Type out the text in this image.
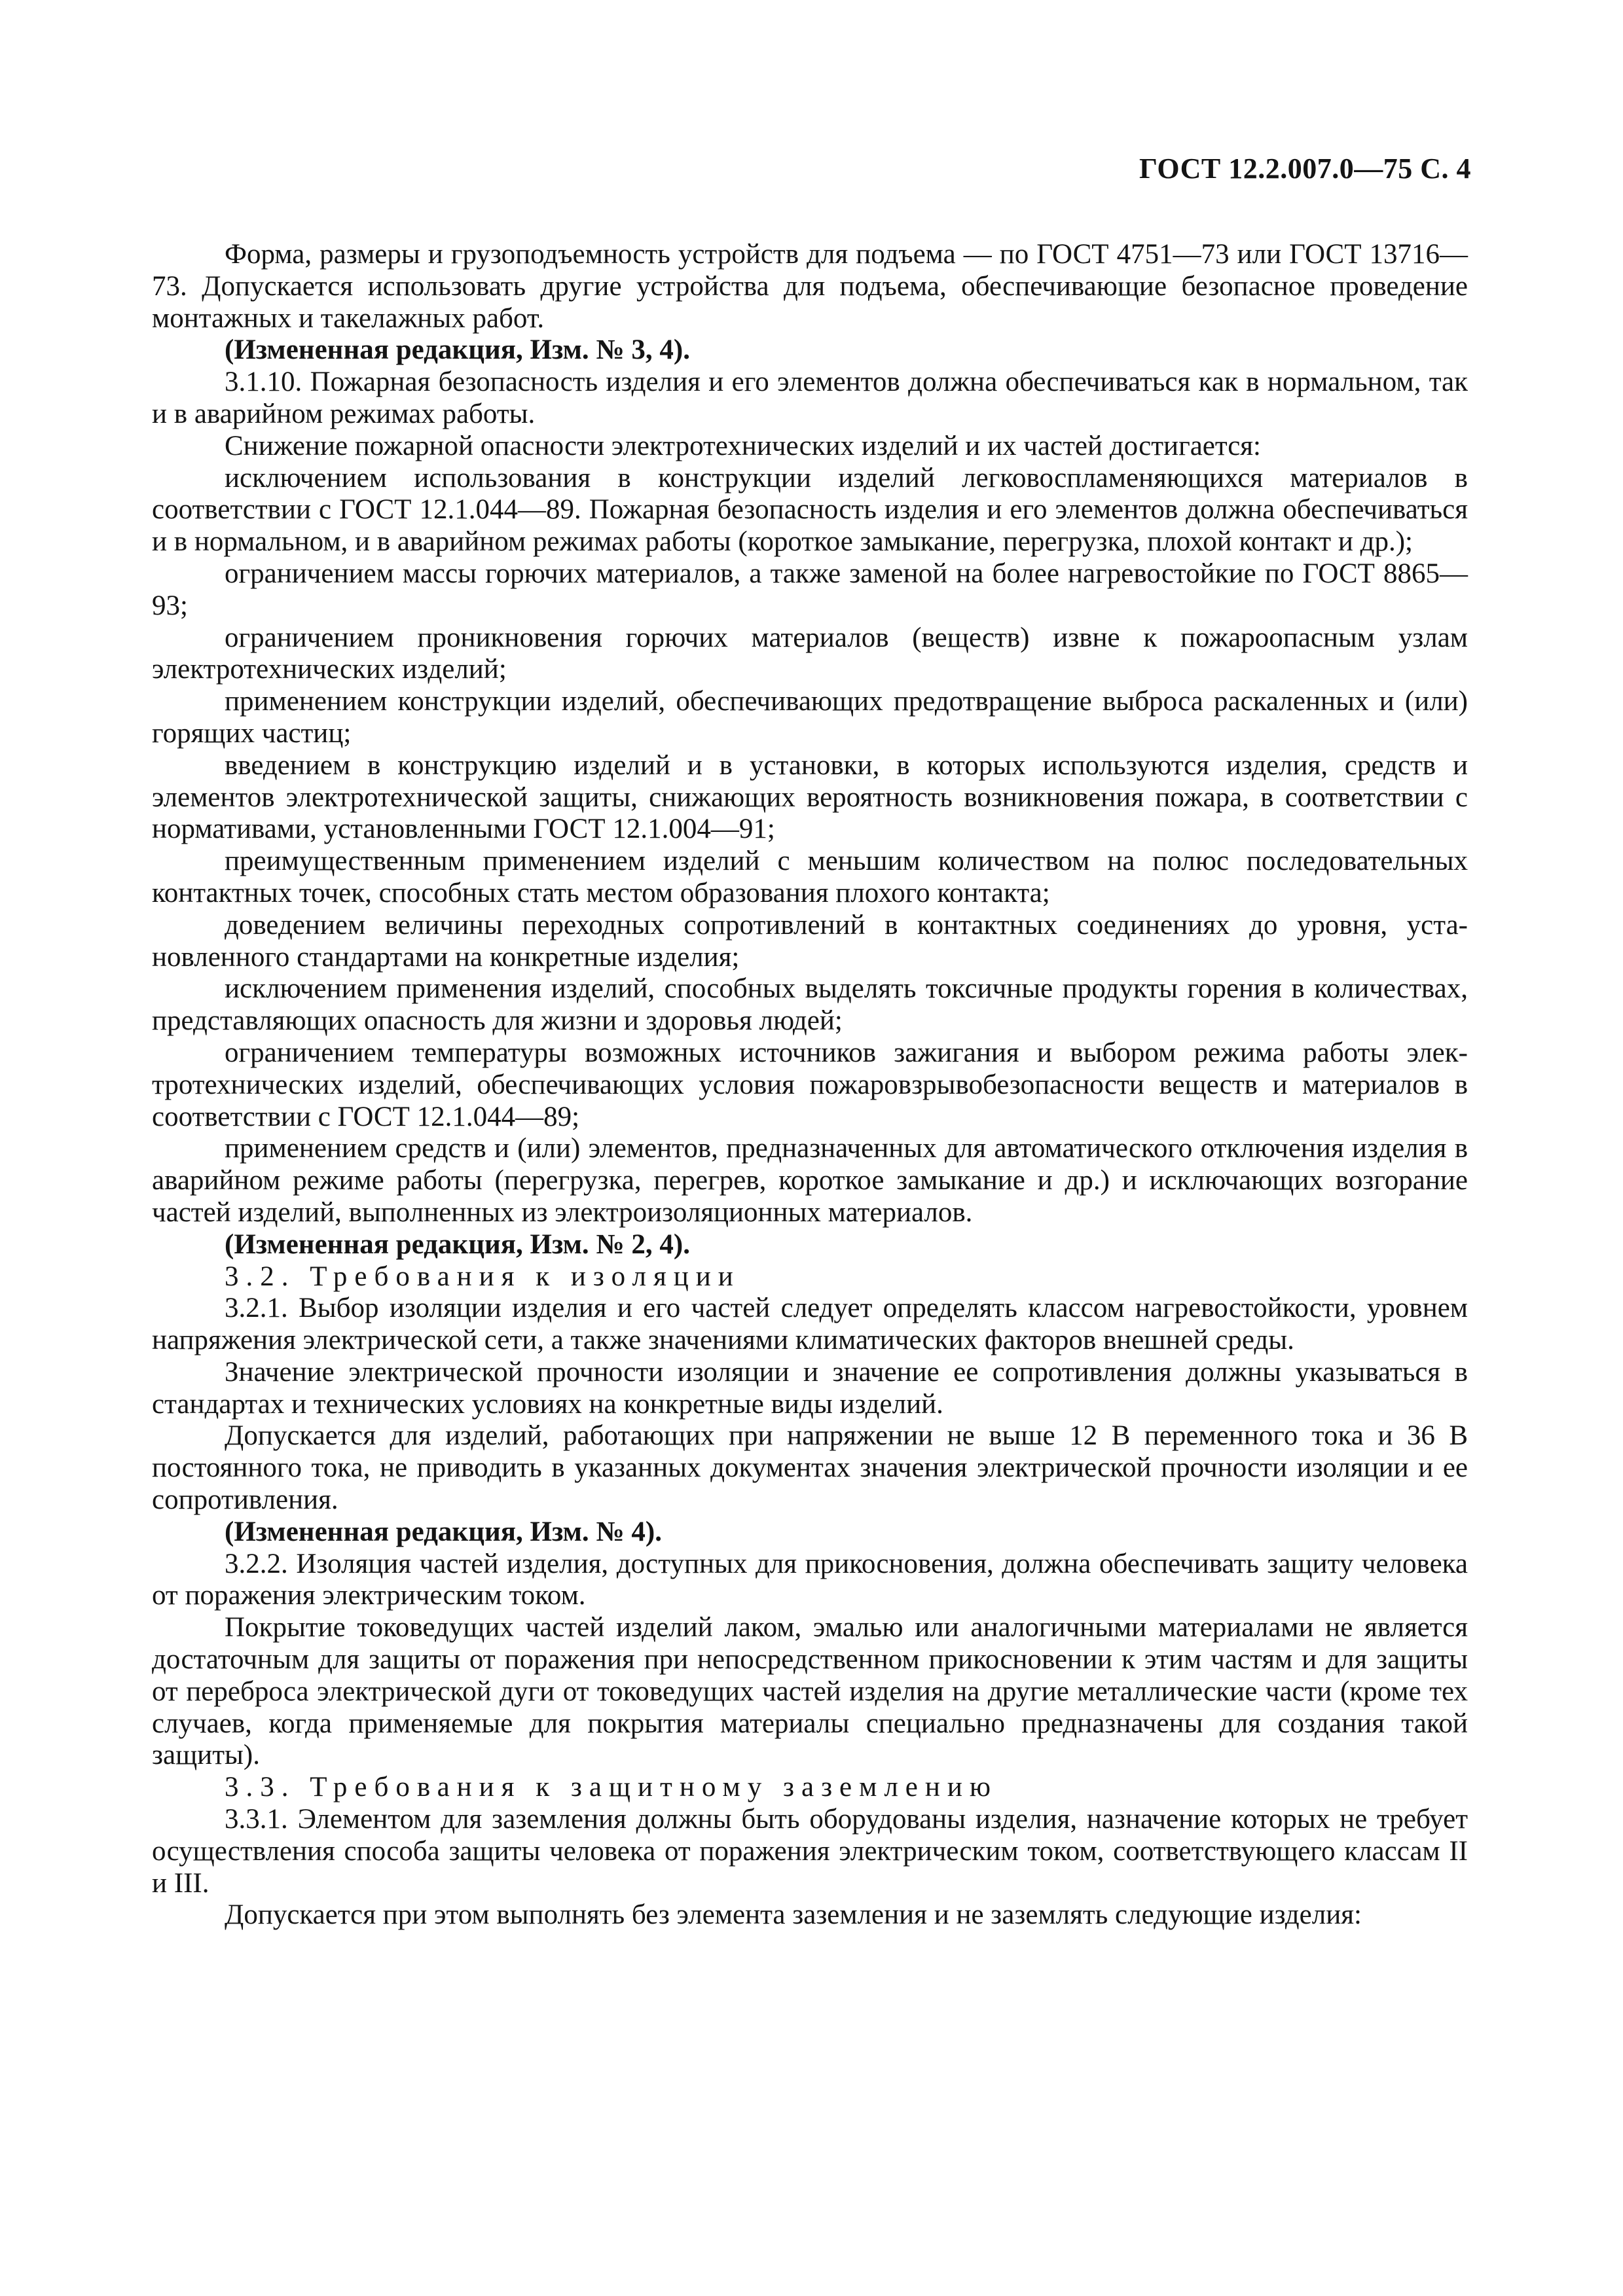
ГОСТ 12.2.007.0—75 С. 4

Форма, размеры и грузоподъемность устройств для подъема — по ГОСТ 4751—73 или ГОСТ 13716—73. Допускается использовать другие устройства для подъема, обеспечивающие безопасное проведение монтажных и такелажных работ.

(Измененная редакция, Изм. № 3, 4).

3.1.10. Пожарная безопасность изделия и его элементов должна обеспечиваться как в нормальном, так и в аварийном режимах работы.

Снижение пожарной опасности электротехнических изделий и их частей достигается:

исключением использования в конструкции изделий легковоспламеняющихся материалов в соответствии с ГОСТ 12.1.044—89. Пожарная безопасность изделия и его элементов должна обеспечиваться и в нормальном, и в аварийном режимах работы (короткое замыкание, перегрузка, плохой контакт и др.);

ограничением массы горючих материалов, а также заменой на более нагревостойкие по ГОСТ 8865—93;

ограничением проникновения горючих материалов (веществ) извне к пожароопасным узлам электротехнических изделий;

применением конструкции изделий, обеспечивающих предотвращение выброса раскаленных и (или) горящих частиц;

введением в конструкцию изделий и в установки, в которых используются изделия, средств и элементов электротехнической защиты, снижающих вероятность возникновения пожара, в соответствии с нормативами, установленными ГОСТ 12.1.004—91;

преимущественным применением изделий с меньшим количеством на полюс последовательных контактных точек, способных стать местом образования плохого контакта;

доведением величины переходных сопротивлений в контактных соединениях до уровня, установленного стандартами на конкретные изделия;

исключением применения изделий, способных выделять токсичные продукты горения в количествах, представляющих опасность для жизни и здоровья людей;

ограничением температуры возможных источников зажигания и выбором режима работы электротехнических изделий, обеспечивающих условия пожаровзрывобезопасности веществ и материалов в соответствии с ГОСТ 12.1.044—89;

применением средств и (или) элементов, предназначенных для автоматического отключения изделия в аварийном режиме работы (перегрузка, перегрев, короткое замыкание и др.) и исключающих возгорание частей изделий, выполненных из электроизоляционных материалов.

(Измененная редакция, Изм. № 2, 4).

3.2. Требования к изоляции

3.2.1. Выбор изоляции изделия и его частей следует определять классом нагревостойкости, уровнем напряжения электрической сети, а также значениями климатических факторов внешней среды.

Значение электрической прочности изоляции и значение ее сопротивления должны указываться в стандартах и технических условиях на конкретные виды изделий.

Допускается для изделий, работающих при напряжении не выше 12 В переменного тока и 36 В постоянного тока, не приводить в указанных документах значения электрической прочности изоляции и ее сопротивления.

(Измененная редакция, Изм. № 4).

3.2.2. Изоляция частей изделия, доступных для прикосновения, должна обеспечивать защиту человека от поражения электрическим током.

Покрытие токоведущих частей изделий лаком, эмалью или аналогичными материалами не является достаточным для защиты от поражения при непосредственном прикосновении к этим частям и для защиты от переброса электрической дуги от токоведущих частей изделия на другие металлические части (кроме тех случаев, когда применяемые для покрытия материалы специально предназначены для создания такой защиты).

3.3. Требования к защитному заземлению

3.3.1. Элементом для заземления должны быть оборудованы изделия, назначение которых не требует осуществления способа защиты человека от поражения электрическим током, соответствующего классам II и III.

Допускается при этом выполнять без элемента заземления и не заземлять следующие изделия:
